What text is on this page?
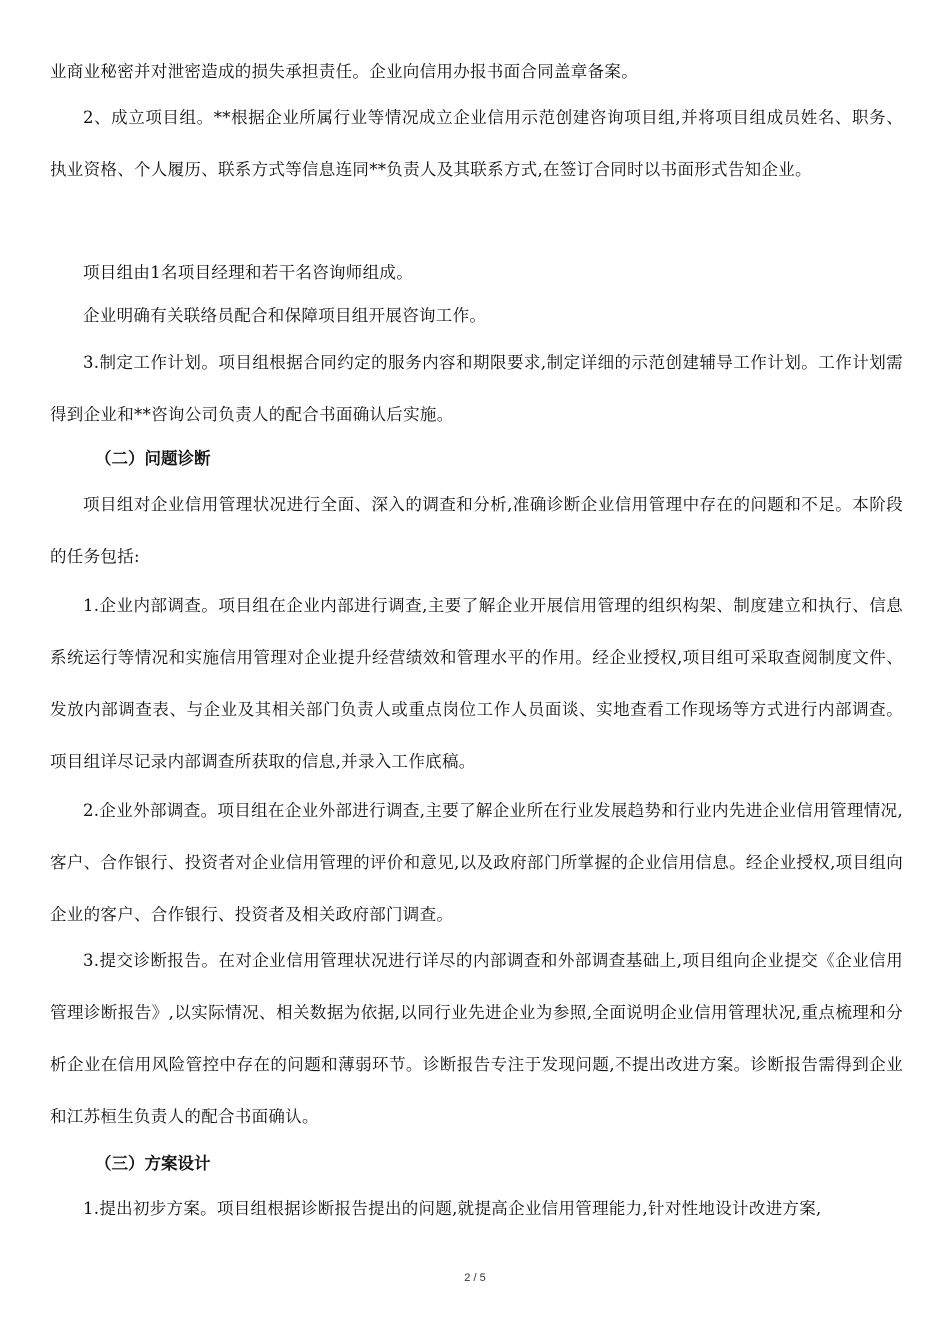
业商业秘密并对泄密造成的损失承担责任。企业向信用办报书面合同盖章备案。

2、成立项目组。**根据企业所属行业等情况成立企业信用示范创建咨询项目组,并将项目组成员姓名、职务、执业资格、个人履历、联系方式等信息连同**负责人及其联系方式,在签订合同时以书面形式告知企业。

项目组由1名项目经理和若干名咨询师组成。

企业明确有关联络员配合和保障项目组开展咨询工作。

3.制定工作计划。项目组根据合同约定的服务内容和期限要求,制定详细的示范创建辅导工作计划。工作计划需得到企业和**咨询公司负责人的配合书面确认后实施。

（二）问题诊断

项目组对企业信用管理状况进行全面、深入的调查和分析,准确诊断企业信用管理中存在的问题和不足。本阶段的任务包括:

1.企业内部调查。项目组在企业内部进行调查,主要了解企业开展信用管理的组织构架、制度建立和执行、信息系统运行等情况和实施信用管理对企业提升经营绩效和管理水平的作用。经企业授权,项目组可采取查阅制度文件、发放内部调查表、与企业及其相关部门负责人或重点岗位工作人员面谈、实地查看工作现场等方式进行内部调查。项目组详尽记录内部调查所获取的信息,并录入工作底稿。

2.企业外部调查。项目组在企业外部进行调查,主要了解企业所在行业发展趋势和行业内先进企业信用管理情况,客户、合作银行、投资者对企业信用管理的评价和意见,以及政府部门所掌握的企业信用信息。经企业授权,项目组向企业的客户、合作银行、投资者及相关政府部门调查。

3.提交诊断报告。在对企业信用管理状况进行详尽的内部调查和外部调查基础上,项目组向企业提交《企业信用管理诊断报告》,以实际情况、相关数据为依据,以同行业先进企业为参照,全面说明企业信用管理状况,重点梳理和分析企业在信用风险管控中存在的问题和薄弱环节。诊断报告专注于发现问题,不提出改进方案。诊断报告需得到企业和江苏桓生负责人的配合书面确认。

（三）方案设计

1.提出初步方案。项目组根据诊断报告提出的问题,就提高企业信用管理能力,针对性地设计改进方案,

2 / 5
